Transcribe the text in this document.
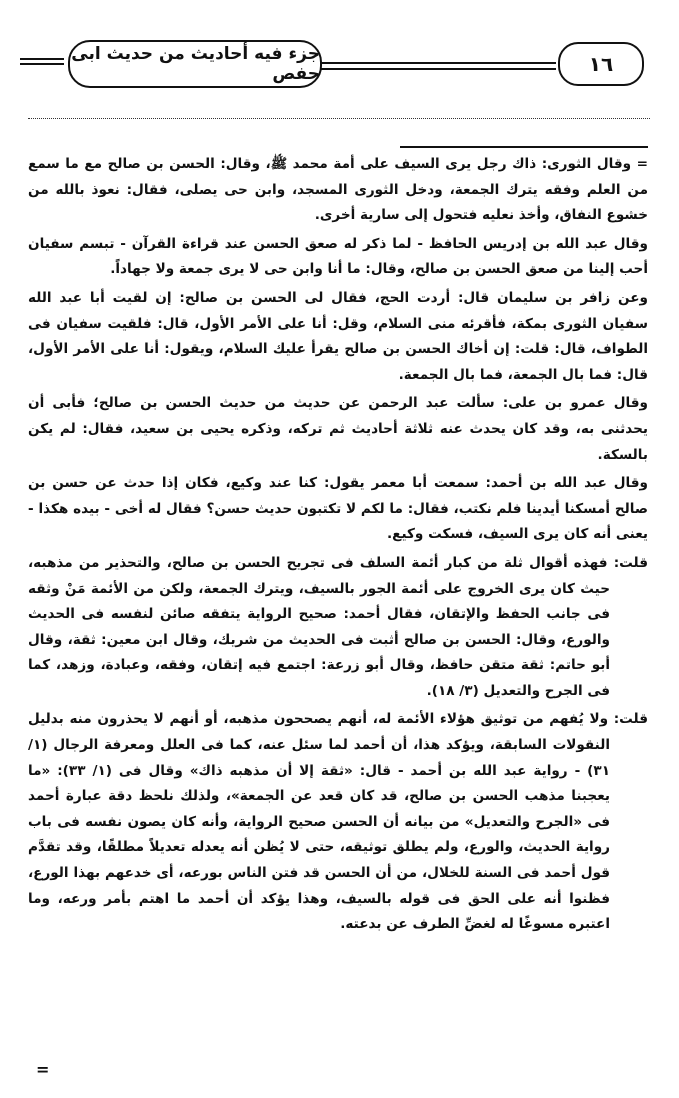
جزء فيه أحاديث من حديث ابى حفص	١٦

= وقال الثورى: ذاك رجل يرى السيف على أمة محمد ﷺ، وقال: الحسن بن صالح مع ما سمع من العلم وفقه يترك الجمعة، ودخل الثورى المسجد، وابن حى يصلى، فقال: نعوذ بالله من خشوع النفاق، وأخذ نعليه فتحول إلى سارية أخرى.

وقال عبد الله بن إدريس الحافظ - لما ذكر له صعق الحسن عند قراءة القرآن - تبسم سفيان أحب إلينا من صعق الحسن بن صالح، وقال: ما أنا وابن حى لا يرى جمعة ولا جهاداً.

وعن زافر بن سليمان قال: أردت الحج، فقال لى الحسن بن صالح: إن لقيت أبا عبد الله سفيان الثورى بمكة، فأقرئه منى السلام، وقل: أنا على الأمر الأول، قال: فلقيت سفيان فى الطواف، قال: قلت: إن أخاك الحسن بن صالح يقرأ عليك السلام، ويقول: أنا على الأمر الأول، قال: فما بال الجمعة، فما بال الجمعة.

وقال عمرو بن على: سألت عبد الرحمن عن حديث من حديث الحسن بن صالح؛ فأبى أن يحدثنى به، وقد كان يحدث عنه ثلاثة أحاديث ثم تركه، وذكره يحيى بن سعيد، فقال: لم يكن بالسكة.

وقال عبد الله بن أحمد: سمعت أبا معمر يقول: كنا عند وكيع، فكان إذا حدث عن حسن بن صالح أمسكنا أيدينا فلم نكتب، فقال: ما لكم لا تكتبون حديث حسن؟ فقال له أخى - بيده هكذا - يعنى أنه كان يرى السيف، فسكت وكيع.

قلت: فهذه أقوال ثلة من كبار أئمة السلف فى تجريح الحسن بن صالح، والتحذير من مذهبه، حيث كان يرى الخروج على أئمة الجور بالسيف، ويترك الجمعة، ولكن من الأئمة مَنْ وثقه فى جانب الحفظ والإتقان، فقال أحمد: صحيح الرواية يتفقه صائن لنفسه فى الحديث والورع، وقال: الحسن بن صالح أثبت فى الحديث من شريك، وقال ابن معين: ثقة، وقال أبو حاتم: ثقة متقن حافظ، وقال أبو زرعة: اجتمع فيه إتقان، وفقه، وعبادة، وزهد، كما فى الجرح والتعديل (٣/ ١٨).

قلت: ولا يُفهم من توثيق هؤلاء الأئمة له، أنهم يصححون مذهبه، أو أنهم لا يحذرون منه بدليل النقولات السابقة، ويؤكد هذا، أن أحمد لما سئل عنه، كما فى العلل ومعرفة الرجال (١/ ٣١) - رواية عبد الله بن أحمد - قال: «ثقة إلا أن مذهبه ذاك» وقال فى (١/ ٣٣): «ما يعجبنا مذهب الحسن بن صالح، قد كان قعد عن الجمعة»، ولذلك نلحظ دقة عبارة أحمد فى «الجرح والتعديل» من بيانه أن الحسن صحيح الرواية، وأنه كان يصون نفسه فى باب رواية الحديث، والورع، ولم يطلق توثيقه، حتى لا يُظن أنه يعدله تعديلاً مطلقًا، وقد تقدَّم قول أحمد فى السنة للخلال، من أن الحسن قد فتن الناس بورعه، أى خدعهم بهذا الورع، فظنوا أنه على الحق فى قوله بالسيف، وهذا يؤكد أن أحمد ما اهتم بأمر ورعه، وما اعتبره مسوغًا له لغضِّ الطرف عن بدعته.

=
